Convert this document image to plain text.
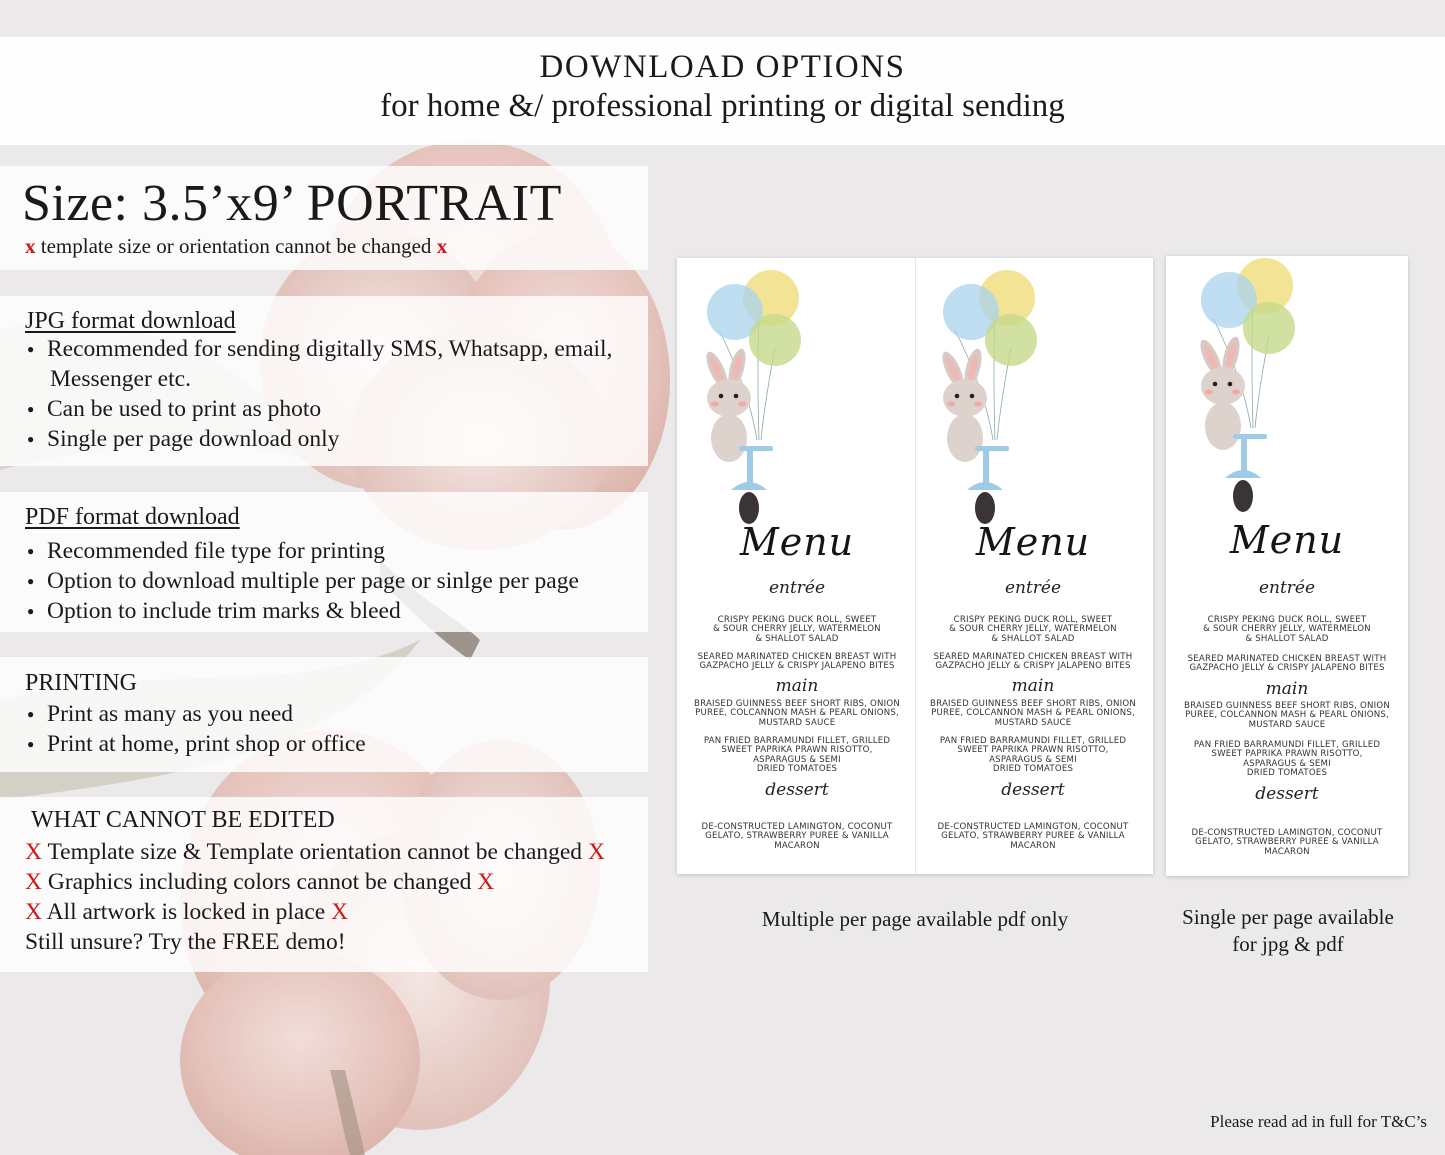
DOWNLOAD OPTIONS
for home &/ professional printing or digital sending
Size: 3.5’x9’ PORTRAIT
x template size or orientation cannot be changed x
JPG format download
● Recommended for sending digitally SMS, Whatsapp, email,
Messenger etc.
● Can be used to print as photo
● Single per page download only
PDF format download
● Recommended file type for printing
● Option to download multiple per page or sinlge per page
● Option to include trim marks & bleed
PRINTING
● Print as many as you need
● Print at home, print shop or office
WHAT CANNOT BE EDITED
X Template size & Template orientation cannot be changed X
X Graphics including colors cannot be changed X
X All artwork is locked in place X
Still unsure? Try the FREE demo!
Menu
entrée
CRISPY PEKING DUCK ROLL, SWEET
& SOUR CHERRY JELLY, WATERMELON
& SHALLOT SALAD
SEARED MARINATED CHICKEN BREAST WITH
GAZPACHO JELLY & CRISPY JALAPENO BITES
main
BRAISED GUINNESS BEEF SHORT RIBS, ONION
PUREE, COLCANNON MASH & PEARL ONIONS,
MUSTARD SAUCE
PAN FRIED BARRAMUNDI FILLET, GRILLED
SWEET PAPRIKA PRAWN RISOTTO,
ASPARAGUS & SEMI
DRIED TOMATOES
dessert
DE-CONSTRUCTED LAMINGTON, COCONUT
GELATO, STRAWBERRY PUREE & VANILLA
MACARON
Menu
entrée
CRISPY PEKING DUCK ROLL, SWEET
& SOUR CHERRY JELLY, WATERMELON
& SHALLOT SALAD
SEARED MARINATED CHICKEN BREAST WITH
GAZPACHO JELLY & CRISPY JALAPENO BITES
main
BRAISED GUINNESS BEEF SHORT RIBS, ONION
PUREE, COLCANNON MASH & PEARL ONIONS,
MUSTARD SAUCE
PAN FRIED BARRAMUNDI FILLET, GRILLED
SWEET PAPRIKA PRAWN RISOTTO,
ASPARAGUS & SEMI
DRIED TOMATOES
dessert
DE-CONSTRUCTED LAMINGTON, COCONUT
GELATO, STRAWBERRY PUREE & VANILLA
MACARON
Menu
entrée
CRISPY PEKING DUCK ROLL, SWEET
& SOUR CHERRY JELLY, WATERMELON
& SHALLOT SALAD
SEARED MARINATED CHICKEN BREAST WITH
GAZPACHO JELLY & CRISPY JALAPENO BITES
main
BRAISED GUINNESS BEEF SHORT RIBS, ONION
PUREE, COLCANNON MASH & PEARL ONIONS,
MUSTARD SAUCE
PAN FRIED BARRAMUNDI FILLET, GRILLED
SWEET PAPRIKA PRAWN RISOTTO,
ASPARAGUS & SEMI
DRIED TOMATOES
dessert
DE-CONSTRUCTED LAMINGTON, COCONUT
GELATO, STRAWBERRY PUREE & VANILLA
MACARON
Multiple per page available pdf only	Single per page available
for jpg & pdf
Please read ad in full for T&C’s
